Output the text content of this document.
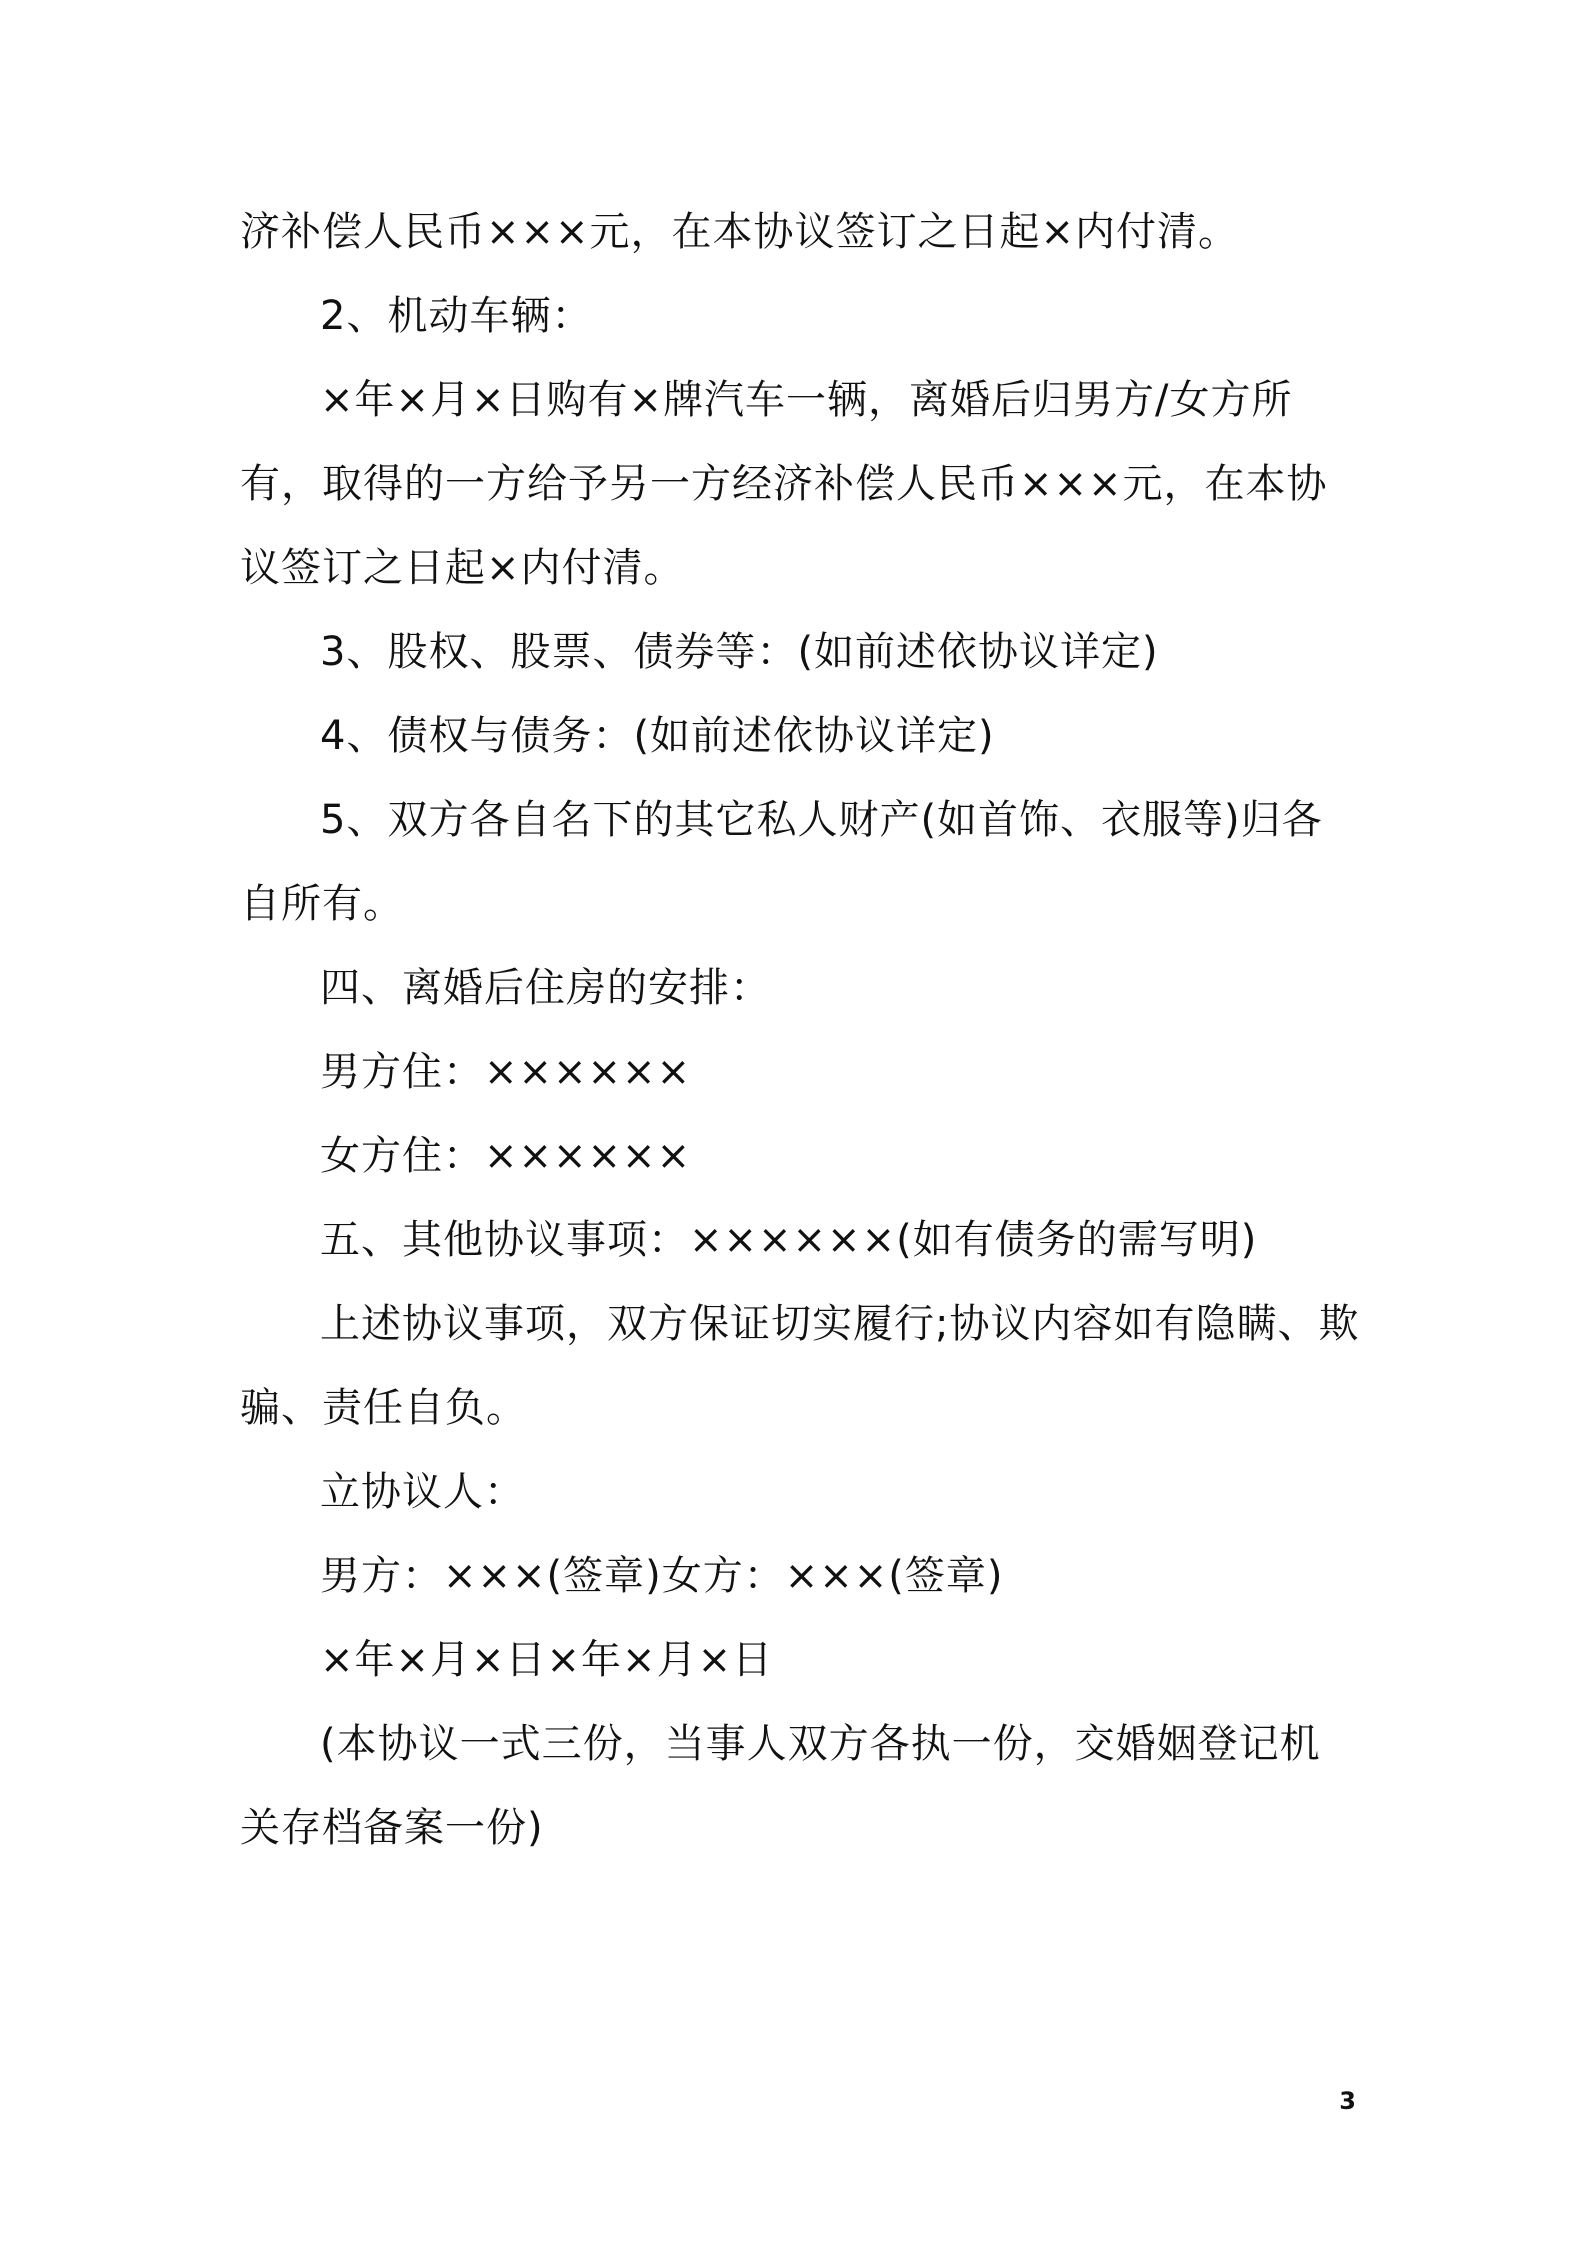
济补偿人民币×××元，在本协议签订之日起×内付清。

2、机动车辆：

×年×月×日购有×牌汽车一辆，离婚后归男方/女方所有，取得的一方给予另一方经济补偿人民币×××元，在本协议签订之日起×内付清。

3、股权、股票、债券等：(如前述依协议详定)

4、债权与债务：(如前述依协议详定)

5、双方各自名下的其它私人财产(如首饰、衣服等)归各自所有。

四、离婚后住房的安排：

男方住：××××××

女方住：××××××

五、其他协议事项：××××××(如有债务的需写明)

上述协议事项，双方保证切实履行;协议内容如有隐瞒、欺骗、责任自负。

立协议人：

男方：×××(签章)女方：×××(签章)

×年×月×日×年×月×日

(本协议一式三份，当事人双方各执一份，交婚姻登记机关存档备案一份)

3
